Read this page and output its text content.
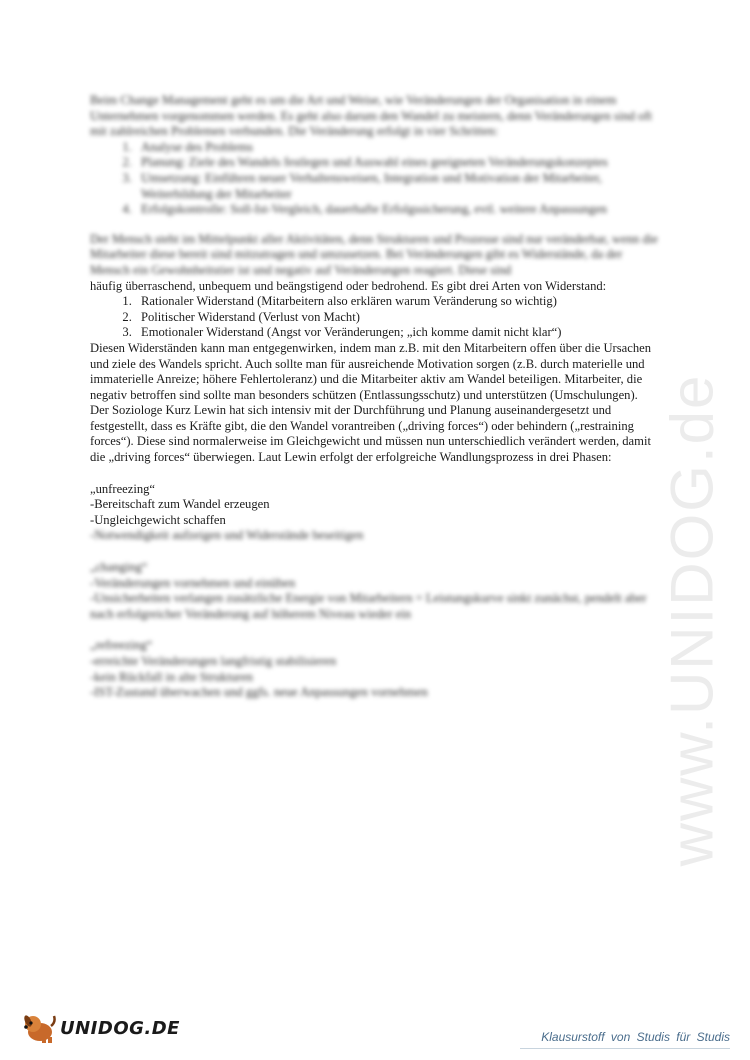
www.UNIDOG.de

Beim Change Management geht es um die Art und Weise, wie Veränderungen der Organisation in einem Unternehmen vorgenommen werden. Es geht also darum den Wandel zu meistern, denn Veränderungen sind oft mit zahlreichen Problemen verbunden. Die Veränderung erfolgt in vier Schritten:

1. Analyse des Problems
2. Planung: Ziele des Wandels festlegen und Auswahl eines geeigneten Veränderungskonzeptes
3. Umsetzung: Einführen neuer Verhaltensweisen, Integration und Motivation der Mitarbeiter, Weiterbildung der Mitarbeiter
4. Erfolgskontrolle: Soll-Ist-Vergleich, dauerhafte Erfolgssicherung, evtl. weitere Anpassungen

Der Mensch steht im Mittelpunkt aller Aktivitäten, denn Strukturen und Prozesse sind nur veränderbar, wenn die Mitarbeiter diese bereit sind mitzutragen und umzusetzen. Bei Veränderungen gibt es Widerstände, da der Mensch ein Gewohnheitstier ist und negativ auf Veränderungen reagiert. Diese sind
häufig überraschend, unbequem und beängstigend oder bedrohend. Es gibt drei Arten von Widerstand:

1. Rationaler Widerstand (Mitarbeitern also erklären warum Veränderung so wichtig)
2. Politischer Widerstand (Verlust von Macht)
3. Emotionaler Widerstand (Angst vor Veränderungen; „ich komme damit nicht klar“)

Diesen Widerständen kann man entgegenwirken, indem man z.B. mit den Mitarbeitern offen über die Ursachen und ziele des Wandels spricht. Auch sollte man für ausreichende Motivation sorgen (z.B. durch materielle und immaterielle Anreize; höhere Fehlertoleranz) und die Mitarbeiter aktiv am Wandel beteiligen. Mitarbeiter, die negativ betroffen sind sollte man besonders schützen (Entlassungsschutz) und unterstützen (Umschulungen).

Der Soziologe Kurz Lewin hat sich intensiv mit der Durchführung und Planung auseinandergesetzt und festgestellt, dass es Kräfte gibt, die den Wandel vorantreiben („driving forces“) oder behindern („restraining forces“). Diese sind normalerweise im Gleichgewicht und müssen nun unterschiedlich verändert werden, damit die „driving forces“ überwiegen. Laut Lewin erfolgt der erfolgreiche Wandlungsprozess in drei Phasen:

„unfreezing“

-Bereitschaft zum Wandel erzeugen

-Ungleichgewicht schaffen

-Notwendigkeit aufzeigen und Widerstände beseitigen

„changing“

-Veränderungen vornehmen und einüben

-Unsicherheiten verlangen zusätzliche Energie von Mitarbeitern = Leistungskurve sinkt zunächst, pendelt aber nach erfolgreicher Veränderung auf höherem Niveau wieder ein

„refreezing“

-erreichte Veränderungen langfristig stabilisieren

-kein Rückfall in alte Strukturen

-IST-Zustand überwachen und ggfs. neue Anpassungen vornehmen

UNIDOG.DE	Klausurstoff von Studis für Studis
